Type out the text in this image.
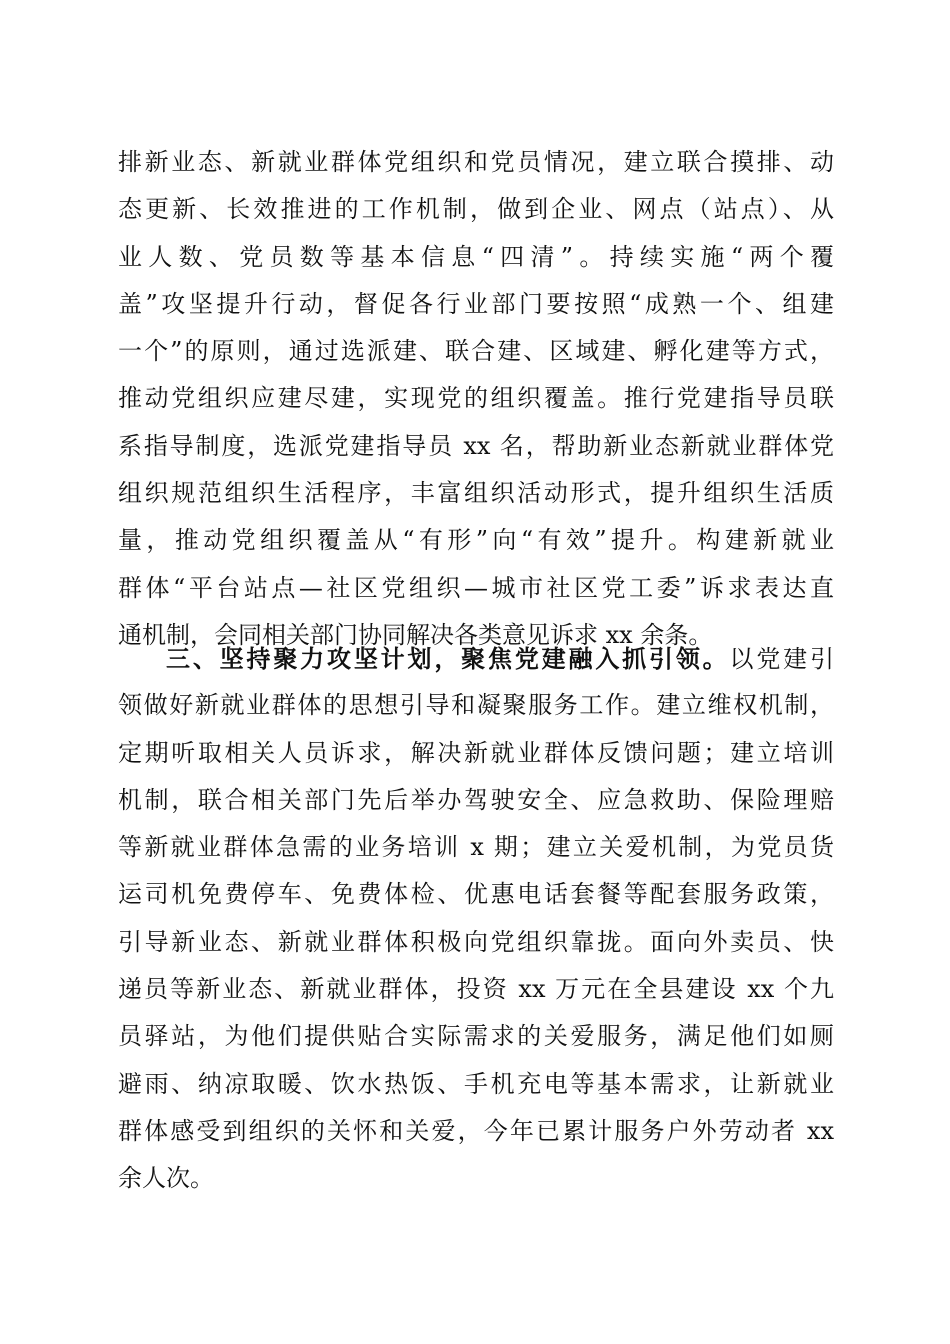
排新业态、新就业群体党组织和党员情况，建立联合摸排、动
态更新、长效推进的工作机制，做到企业、网点（站点）、从
业人数、党员数等基本信息“四清”。持续实施“两个覆
盖”攻坚提升行动，督促各行业部门要按照“成熟一个、组建
一个”的原则，通过选派建、联合建、区域建、孵化建等方式，
推动党组织应建尽建，实现党的组织覆盖。推行党建指导员联
系指导制度，选派党建指导员 xx 名，帮助新业态新就业群体党
组织规范组织生活程序，丰富组织活动形式，提升组织生活质
量，推动党组织覆盖从“有形”向“有效”提升。构建新就业
群体“平台站点—社区党组织—城市社区党工委”诉求表达直
通机制，会同相关部门协同解决各类意见诉求 xx 余条。
三、坚持聚力攻坚计划，聚焦党建融入抓引领。以党建引
领做好新就业群体的思想引导和凝聚服务工作。建立维权机制，
定期听取相关人员诉求，解决新就业群体反馈问题；建立培训
机制，联合相关部门先后举办驾驶安全、应急救助、保险理赔
等新就业群体急需的业务培训 x 期；建立关爱机制，为党员货
运司机免费停车、免费体检、优惠电话套餐等配套服务政策，
引导新业态、新就业群体积极向党组织靠拢。面向外卖员、快
递员等新业态、新就业群体，投资 xx 万元在全县建设 xx 个九
员驿站，为他们提供贴合实际需求的关爱服务，满足他们如厕
避雨、纳凉取暖、饮水热饭、手机充电等基本需求，让新就业
群体感受到组织的关怀和关爱，今年已累计服务户外劳动者 xx
余人次。
